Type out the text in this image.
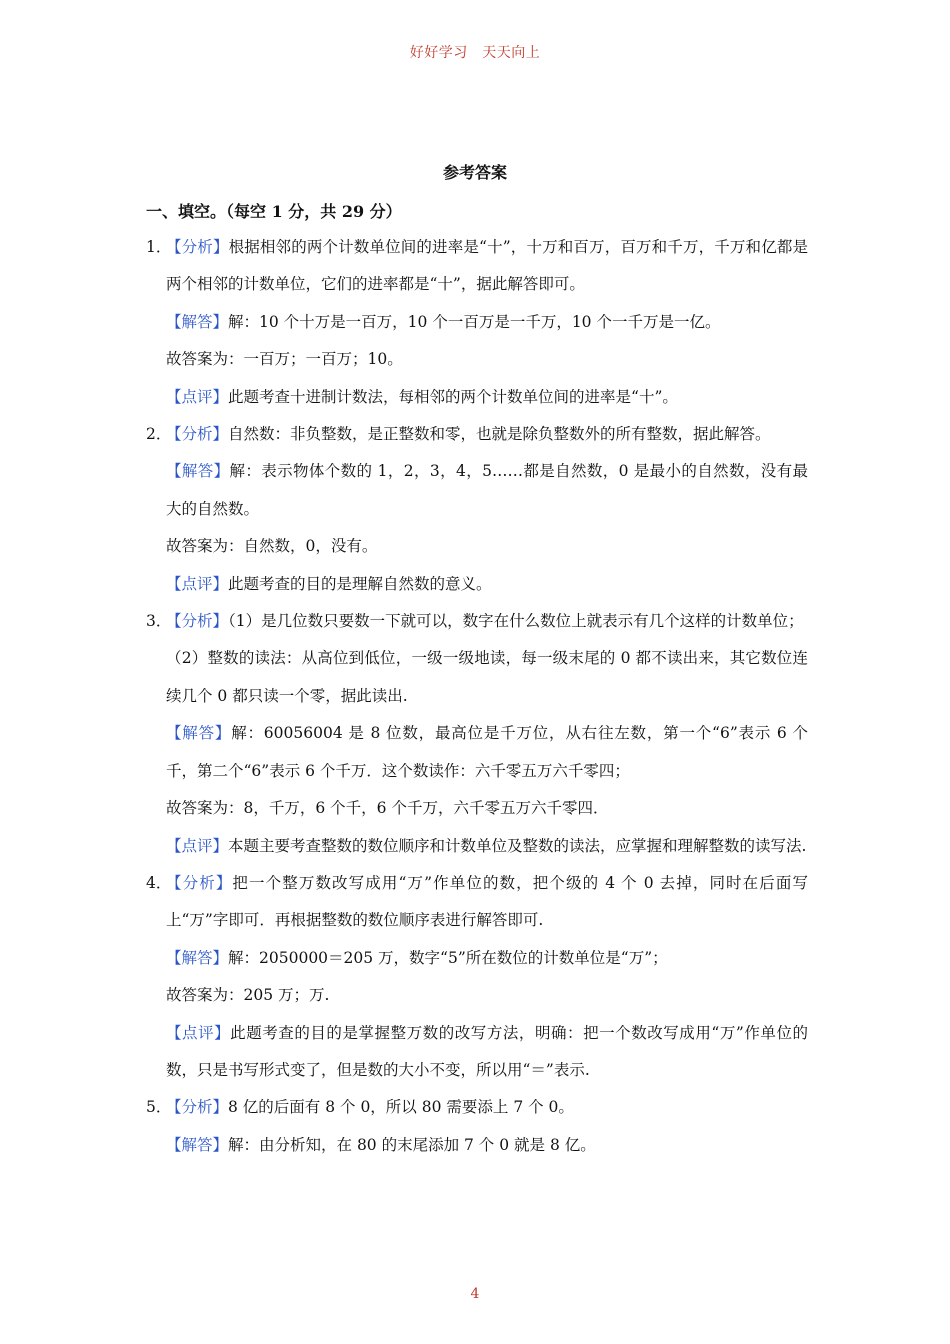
好好学习　天天向上
参考答案
一、填空。（每空 1 分，共 29 分）
1．

【分析】根据相邻的两个计数单位间的进率是“十”，十万和百万，百万和千万，千万和亿都是两个相邻的计数单位，它们的进率都是“十”，据此解答即可。

【解答】解：10 个十万是一百万，10 个一百万是一千万，10 个一千万是一亿。

故答案为：一百万；一百万；10。

【点评】此题考查十进制计数法，每相邻的两个计数单位间的进率是“十”。

2．

【分析】自然数：非负整数，是正整数和零，也就是除负整数外的所有整数，据此解答。

【解答】解：表示物体个数的 1，2，3，4，5……都是自然数，0 是最小的自然数，没有最大的自然数。

故答案为：自然数，0，没有。

【点评】此题考查的目的是理解自然数的意义。

3．

【分析】（1）是几位数只要数一下就可以，数字在什么数位上就表示有几个这样的计数单位；

（2）整数的读法：从高位到低位，一级一级地读，每一级末尾的 0 都不读出来，其它数位连续几个 0 都只读一个零，据此读出.

【解答】解：60056004 是 8 位数，最高位是千万位，从右往左数，第一个“6”表示 6 个千，第二个“6”表示 6 个千万．这个数读作：六千零五万六千零四；

故答案为：8，千万，6 个千，6 个千万，六千零五万六千零四．

【点评】本题主要考查整数的数位顺序和计数单位及整数的读法，应掌握和理解整数的读写法.

4．

【分析】把一个整万数改写成用“万”作单位的数，把个级的 4 个 0 去掉，同时在后面写上“万”字即可．再根据整数的数位顺序表进行解答即可.

【解答】解：2050000＝205 万，数字“5”所在数位的计数单位是“万”；

故答案为：205 万；万.

【点评】此题考查的目的是掌握整万数的改写方法，明确：把一个数改写成用“万”作单位的数，只是书写形式变了，但是数的大小不变，所以用“＝”表示.

5．

【分析】8 亿的后面有 8 个 0，所以 80 需要添上 7 个 0。

【解答】解：由分析知，在 80 的末尾添加 7 个 0 就是 8 亿。

4
